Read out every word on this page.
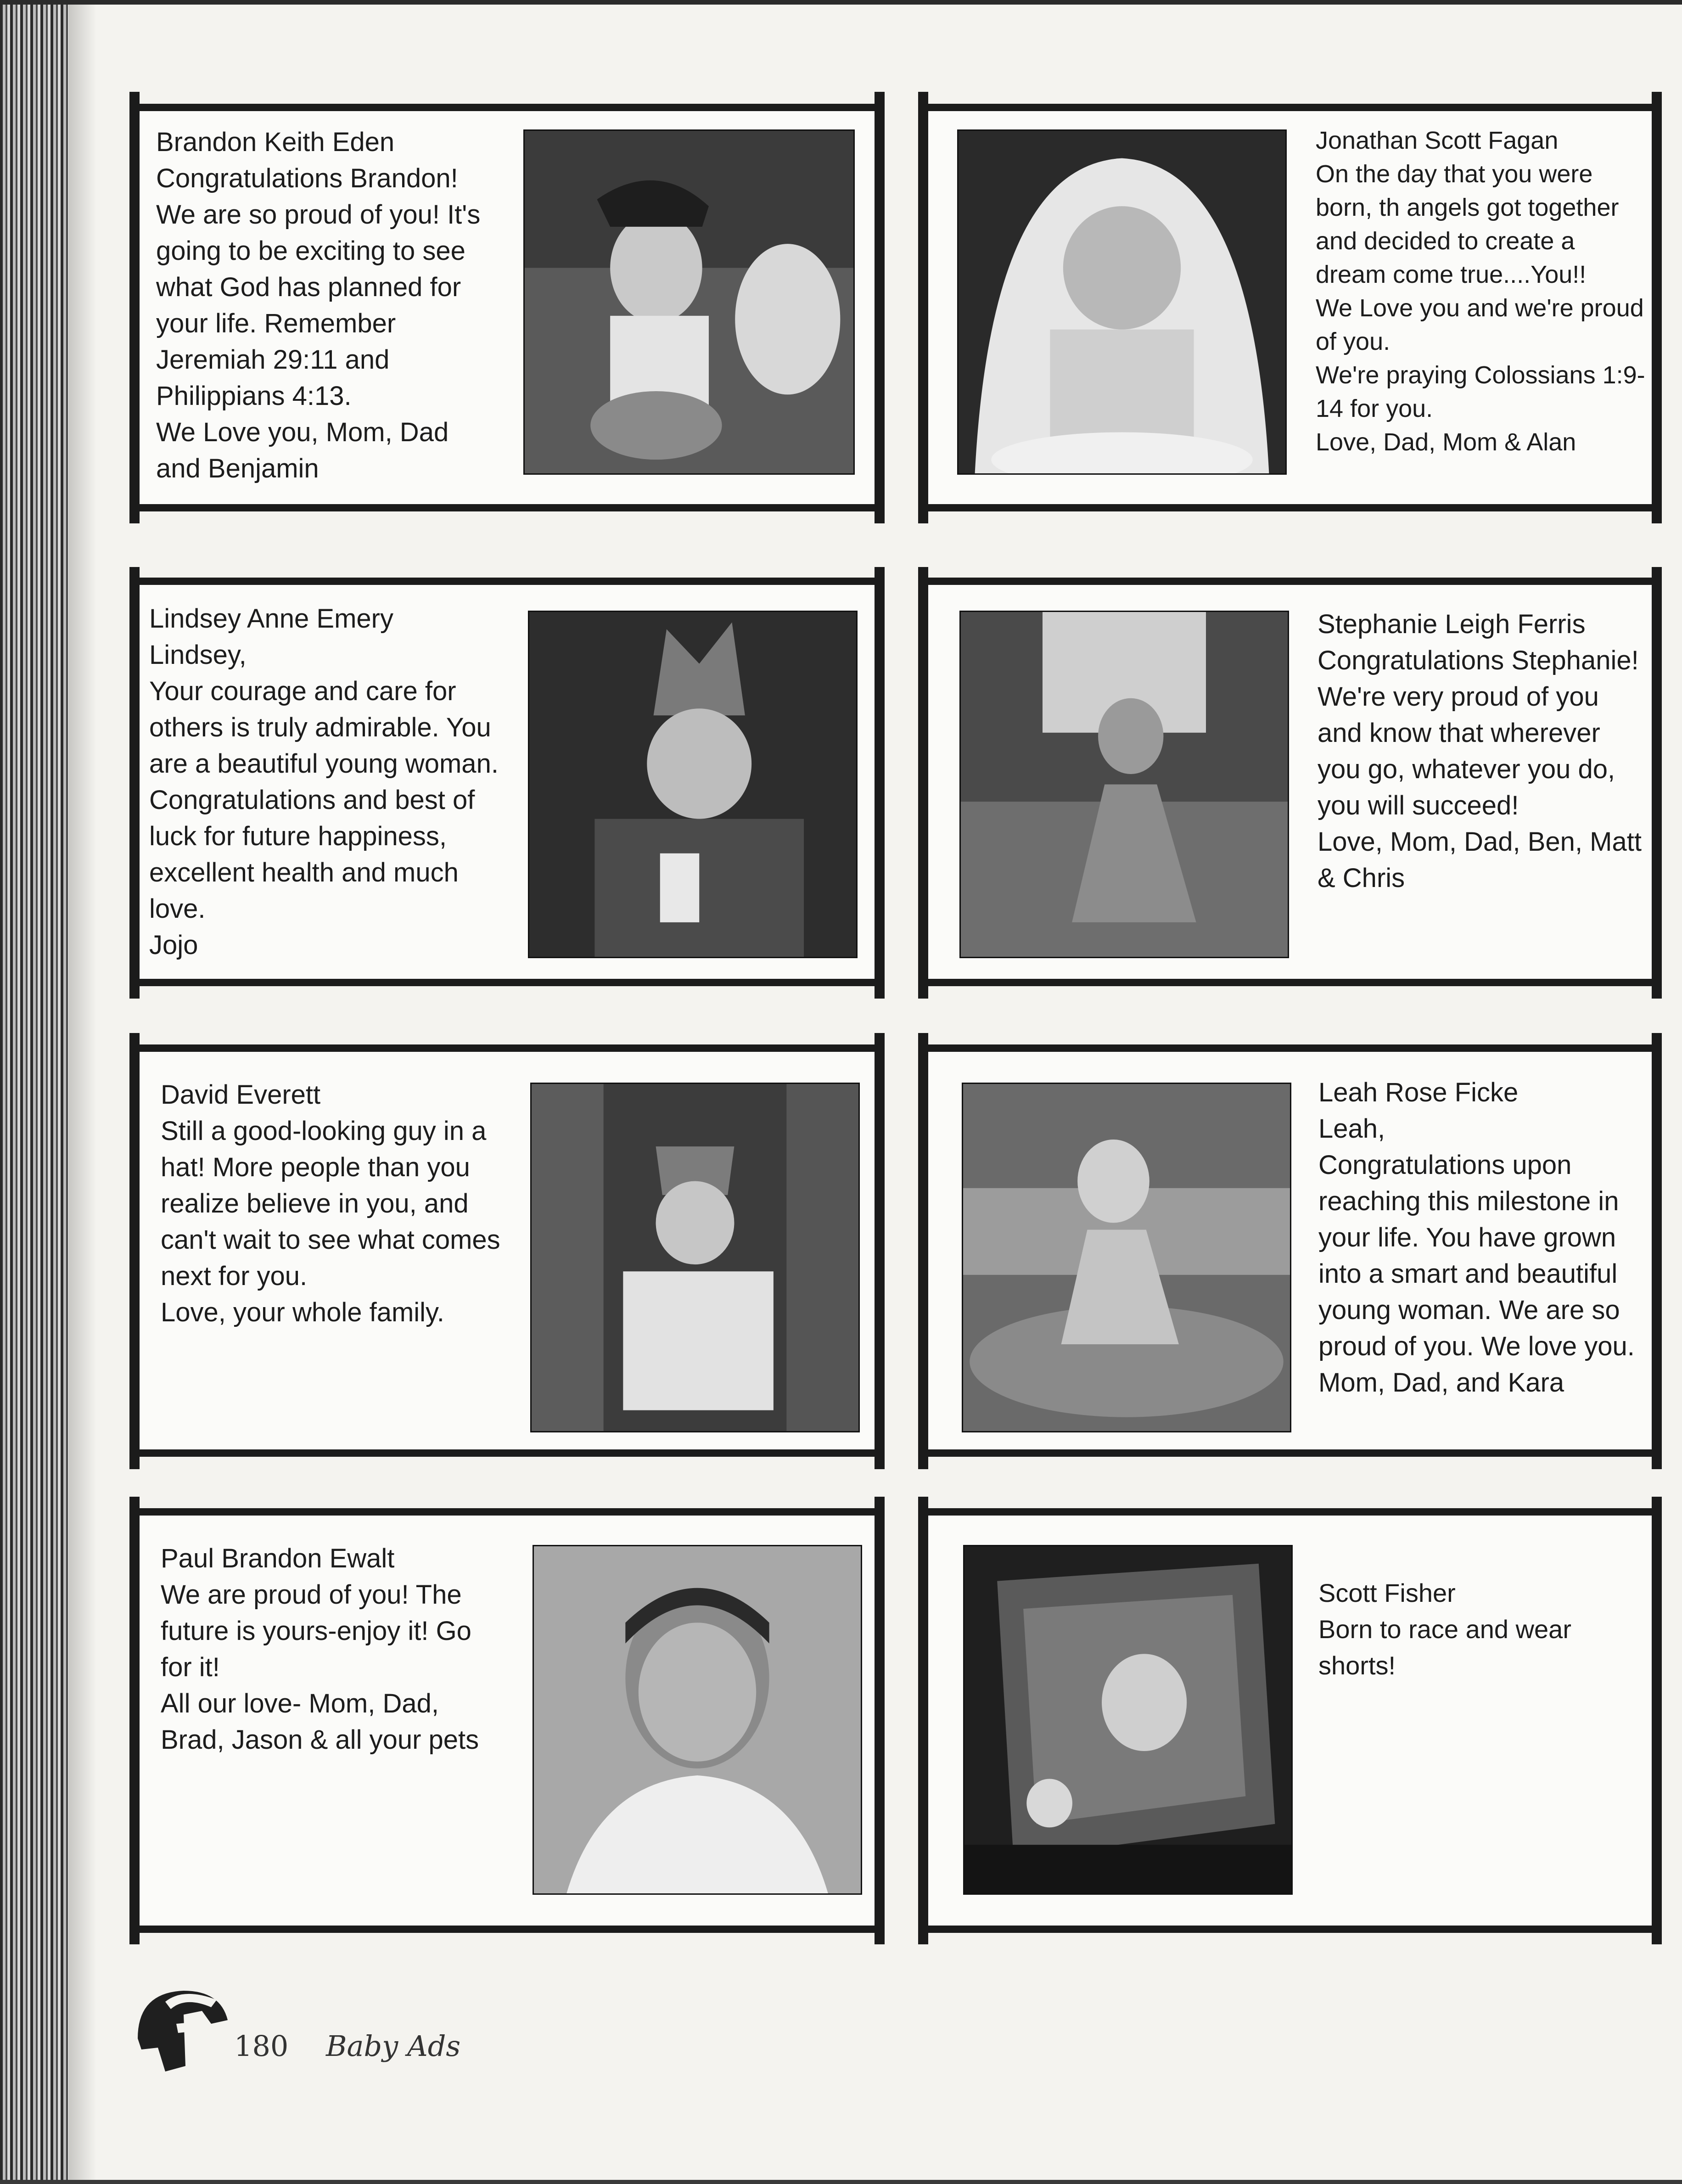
Brandon Keith Eden

Congratulations Brandon! We are so proud of you! It's going to be exciting to see what God has planned for your life. Remember Jeremiah 29:11 and Philippians 4:13.

We Love you, Mom, Dad and Benjamin

Jonathan Scott Fagan

On the day that you were born, th angels got together and decided to create a dream come true....You!!

We Love you and we're proud of you.

We're praying Colossians 1:9-14 for you.

Love, Dad, Mom & Alan

Lindsey Anne Emery

Lindsey,

Your courage and care for others is truly admirable. You are a beautiful young woman. Congratulations and best of luck for future happiness, excellent health and much love.

Jojo

Stephanie Leigh Ferris

Congratulations Stephanie! We're very proud of you and know that wherever you go, whatever you do, you will succeed!

Love, Mom, Dad, Ben, Matt & Chris

David Everett

Still a good-looking guy in a hat! More people than you realize believe in you, and can't wait to see what comes next for you.

Love, your whole family.

Leah Rose Ficke

Leah,

Congratulations upon reaching this milestone in your life. You have grown into a smart and beautiful young woman. We are so proud of you. We love you.

Mom, Dad, and Kara

Paul Brandon Ewalt

We are proud of you! The future is yours-enjoy it! Go for it!

All our love- Mom, Dad, Brad, Jason & all your pets

Scott Fisher

Born to race and wear shorts!

180 Baby Ads
